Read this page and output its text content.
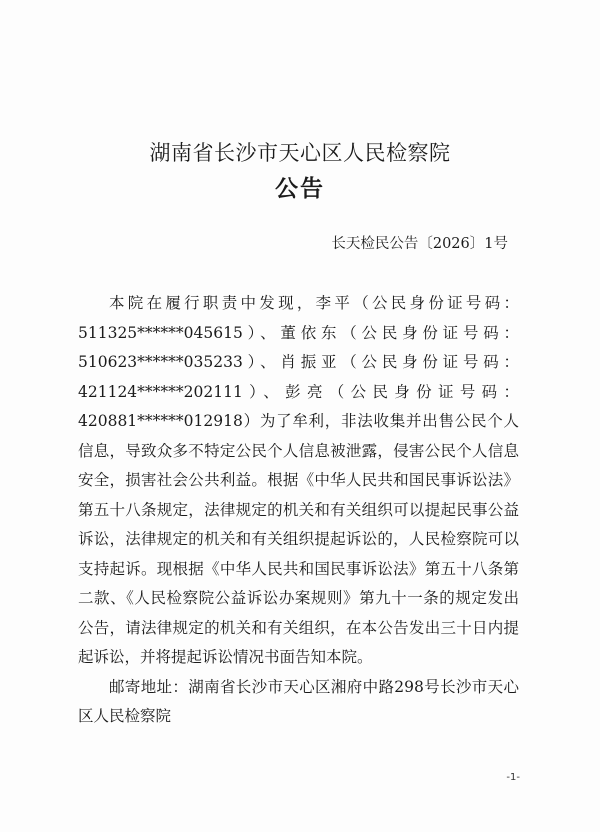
湖南省长沙市天心区人民检察院
公告
长天检民公告〔2026〕1号

本院在履行职责中发现，李平（公民身份证号码：511325******045615）、董依东（公民身份证号码：510623******035233）、肖振亚（公民身份证号码：421124******202111）、彭亮（公民身份证号码：420881******012918）为了牟利，非法收集并出售公民个人信息，导致众多不特定公民个人信息被泄露，侵害公民个人信息安全，损害社会公共利益。根据《中华人民共和国民事诉讼法》第五十八条规定，法律规定的机关和有关组织可以提起民事公益诉讼，法律规定的机关和有关组织提起诉讼的，人民检察院可以支持起诉。现根据《中华人民共和国民事诉讼法》第五十八条第二款、《人民检察院公益诉讼办案规则》第九十一条的规定发出公告，请法律规定的机关和有关组织，在本公告发出三十日内提起诉讼，并将提起诉讼情况书面告知本院。

邮寄地址：湖南省长沙市天心区湘府中路298号长沙市天心区人民检察院

-1-
